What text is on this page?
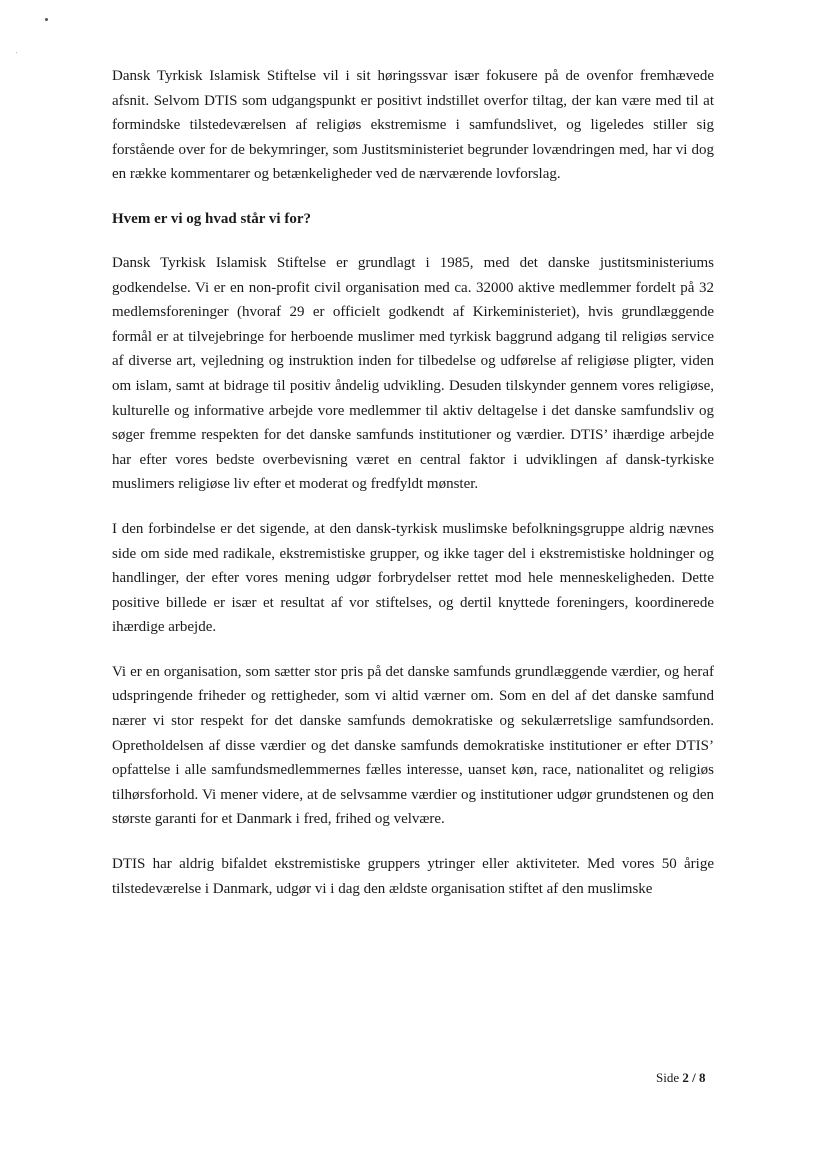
Dansk Tyrkisk Islamisk Stiftelse vil i sit høringssvar især fokusere på de ovenfor fremhævede afsnit. Selvom DTIS som udgangspunkt er positivt indstillet overfor tiltag, der kan være med til at formindske tilstedeværelsen af religiøs ekstremisme i samfundslivet, og ligeledes stiller sig forstående over for de bekymringer, som Justitsministeriet begrunder lovændringen med, har vi dog en række kommentarer og betænkeligheder ved de nærværende lovforslag.

Hvem er vi og hvad står vi for?

Dansk Tyrkisk Islamisk Stiftelse er grundlagt i 1985, med det danske justitsministeriums godkendelse. Vi er en non-profit civil organisation med ca. 32000 aktive medlemmer fordelt på 32 medlemsforeninger (hvoraf 29 er officielt godkendt af Kirkeministeriet), hvis grundlæggende formål er at tilvejebringe for herboende muslimer med tyrkisk baggrund adgang til religiøs service af diverse art, vejledning og instruktion inden for tilbedelse og udførelse af religiøse pligter, viden om islam, samt at bidrage til positiv åndelig udvikling. Desuden tilskynder gennem vores religiøse, kulturelle og informative arbejde vore medlemmer til aktiv deltagelse i det danske samfundsliv og søger fremme respekten for det danske samfunds institutioner og værdier. DTIS’ ihærdige arbejde har efter vores bedste overbevisning været en central faktor i udviklingen af dansk-tyrkiske muslimers religiøse liv efter et moderat og fredfyldt mønster.

I den forbindelse er det sigende, at den dansk-tyrkisk muslimske befolkningsgruppe aldrig nævnes side om side med radikale, ekstremistiske grupper, og ikke tager del i ekstremistiske holdninger og handlinger, der efter vores mening udgør forbrydelser rettet mod hele menneskeligheden. Dette positive billede er især et resultat af vor stiftelses, og dertil knyttede foreningers, koordinerede ihærdige arbejde.

Vi er en organisation, som sætter stor pris på det danske samfunds grundlæggende værdier, og heraf udspringende friheder og rettigheder, som vi altid værner om. Som en del af det danske samfund nærer vi stor respekt for det danske samfunds demokratiske og sekulærretslige samfundsorden. Opretholdelsen af disse værdier og det danske samfunds demokratiske institutioner er efter DTIS’ opfattelse i alle samfundsmedlemmernes fælles interesse, uanset køn, race, nationalitet og religiøs tilhørsforhold. Vi mener videre, at de selvsamme værdier og institutioner udgør grundstenen og den største garanti for et Danmark i fred, frihed og velvære.

DTIS har aldrig bifaldet ekstremistiske gruppers ytringer eller aktiviteter. Med vores 50 årige tilstedeværelse i Danmark, udgør vi i dag den ældste organisation stiftet af den muslimske

Side 2 / 8
